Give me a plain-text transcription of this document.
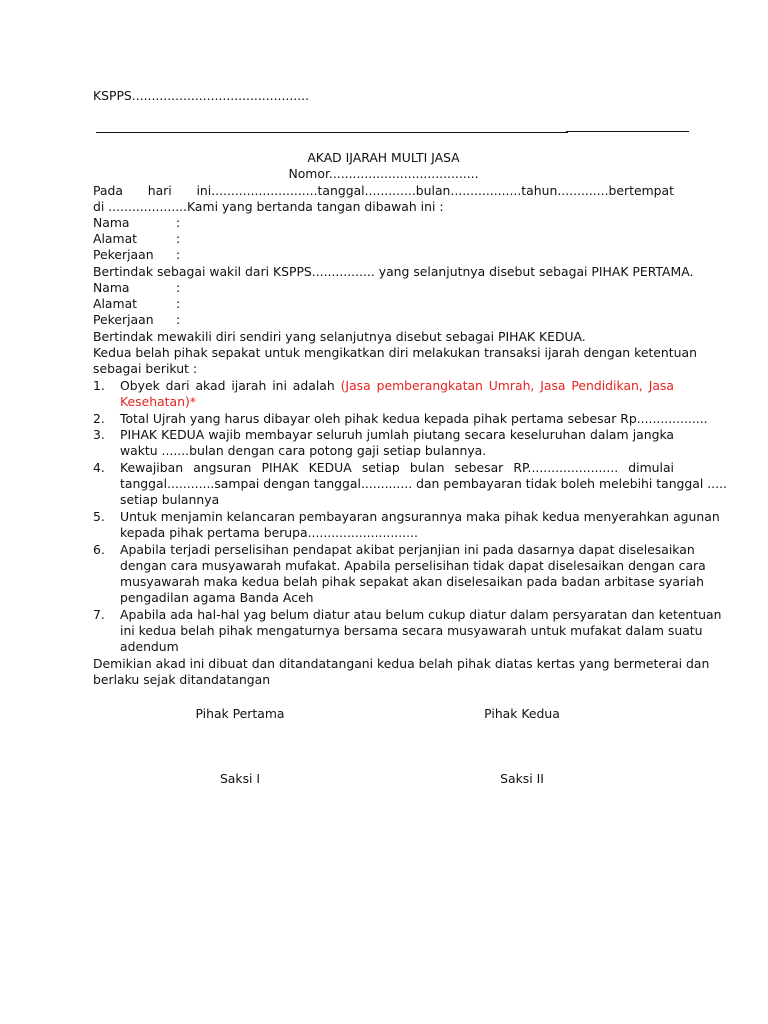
KSPPS.............................................
AKAD IJARAH MULTI JASA
Nomor......................................
Pada hari ini...........................tanggal.............bulan..................tahun.............bertempat
di ....................Kami yang bertanda tangan dibawah ini :
Nama	:
Alamat	:
Pekerjaan :
Bertindak sebagai wakil dari KSPPS................ yang selanjutnya disebut sebagai PIHAK PERTAMA.
Nama	:
Alamat	:
Pekerjaan :
Bertindak mewakili diri sendiri yang selanjutnya disebut sebagai PIHAK KEDUA.
Kedua belah pihak sepakat untuk mengikatkan diri melakukan transaksi ijarah dengan ketentuan
sebagai berikut :
1. Obyek dari akad ijarah ini adalah (Jasa pemberangkatan Umrah, Jasa Pendidikan, Jasa
Kesehatan)*
2. Total Ujrah yang harus dibayar oleh pihak kedua kepada pihak pertama sebesar Rp..................
3. PIHAK KEDUA wajib membayar seluruh jumlah piutang secara keseluruhan dalam jangka
waktu .......bulan dengan cara potong gaji setiap bulannya.
4. Kewajiban angsuran PIHAK KEDUA setiap bulan sebesar RP....................... dimulai
tanggal............sampai dengan tanggal............. dan pembayaran tidak boleh melebihi tanggal .....
setiap bulannya
5. Untuk menjamin kelancaran pembayaran angsurannya maka pihak kedua menyerahkan agunan
kepada pihak pertama berupa............................
6. Apabila terjadi perselisihan pendapat akibat perjanjian ini pada dasarnya dapat diselesaikan
dengan cara musyawarah mufakat. Apabila perselisihan tidak dapat diselesaikan dengan cara
musyawarah maka kedua belah pihak sepakat akan diselesaikan pada badan arbitase syariah
pengadilan agama Banda Aceh
7. Apabila ada hal-hal yag belum diatur atau belum cukup diatur dalam persyaratan dan ketentuan
ini kedua belah pihak mengaturnya bersama secara musyawarah untuk mufakat dalam suatu
adendum
Demikian akad ini dibuat dan ditandatangani kedua belah pihak diatas kertas yang bermeterai dan
berlaku sejak ditandatangan
Pihak Pertama	Pihak Kedua
Saksi I	Saksi II
